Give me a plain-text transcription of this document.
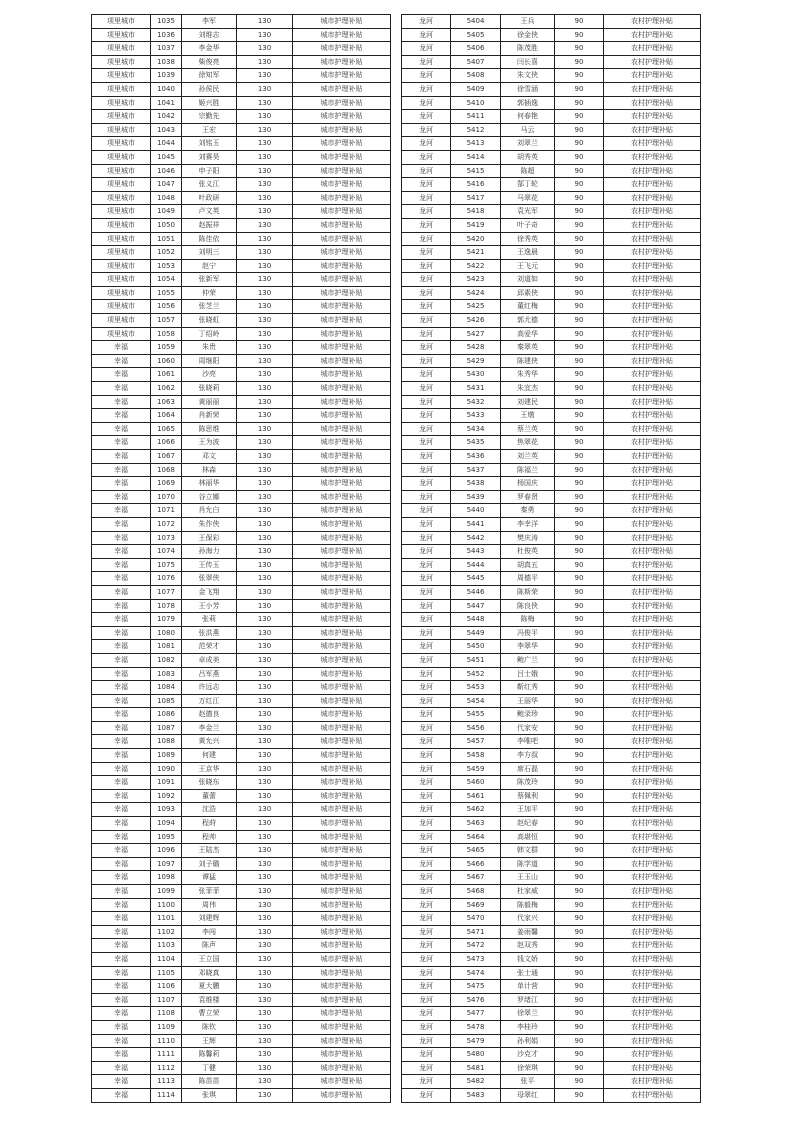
项里城市	1035	李军	130	城市护理补贴
项里城市	1036	刘维志	130	城市护理补贴
项里城市	1037	李金华	130	城市护理补贴
项里城市	1038	柴俊亮	130	城市护理补贴
项里城市	1039	徐知军	130	城市护理补贴
项里城市	1040	孙侯民	130	城市护理补贴
项里城市	1041	姬兴胜	130	城市护理补贴
项里城市	1042	宗勤先	130	城市护理补贴
项里城市	1043	王宏	130	城市护理补贴
项里城市	1044	刘铭玉	130	城市护理补贴
项里城市	1045	刘赛昊	130	城市护理补贴
项里城市	1046	申子阳	130	城市护理补贴
项里城市	1047	张义江	130	城市护理补贴
项里城市	1048	叶政研	130	城市护理补贴
项里城市	1049	卢文英	130	城市护理补贴
项里城市	1050	赵振祥	130	城市护理补贴
项里城市	1051	陈佳依	130	城市护理补贴
项里城市	1052	刘明三	130	城市护理补贴
项里城市	1053	赵宁	130	城市护理补贴
项里城市	1054	张新军	130	城市护理补贴
项里城市	1055	仲荣	130	城市护理补贴
项里城市	1056	张芝兰	130	城市护理补贴
项里城市	1057	张晓虹	130	城市护理补贴
项里城市	1058	丁绍岭	130	城市护理补贴
幸福	1059	朱贵	130	城市护理补贴
幸福	1060	周继阳	130	城市护理补贴
幸福	1061	沙亮	130	城市护理补贴
幸福	1062	张晓莉	130	城市护理补贴
幸福	1063	黄丽丽	130	城市护理补贴
幸福	1064	肖新荣	130	城市护理补贴
幸福	1065	陈思维	130	城市护理补贴
幸福	1066	王为波	130	城市护理补贴
幸福	1067	邓文	130	城市护理补贴
幸福	1068	林森	130	城市护理补贴
幸福	1069	林丽华	130	城市护理补贴
幸福	1070	谷立娜	130	城市护理补贴
幸福	1071	肖允白	130	城市护理补贴
幸福	1072	朱作侠	130	城市护理补贴
幸福	1073	王保彩	130	城市护理补贴
幸福	1074	孙海力	130	城市护理补贴
幸福	1075	王传玉	130	城市护理补贴
幸福	1076	张翠侠	130	城市护理补贴
幸福	1077	金飞翔	130	城市护理补贴
幸福	1078	王小芳	130	城市护理补贴
幸福	1079	张莉	130	城市护理补贴
幸福	1080	张洪燕	130	城市护理补贴
幸福	1081	范荣才	130	城市护理补贴
幸福	1082	卓成美	130	城市护理补贴
幸福	1083	吕军燕	130	城市护理补贴
幸福	1084	许远志	130	城市护理补贴
幸福	1085	万红江	130	城市护理补贴
幸福	1086	赵德良	130	城市护理补贴
幸福	1087	李金兰	130	城市护理补贴
幸福	1088	黄允兴	130	城市护理补贴
幸福	1089	何建	130	城市护理补贴
幸福	1090	王京华	130	城市护理补贴
幸福	1091	张晓东	130	城市护理补贴
幸福	1092	董蕾	130	城市护理补贴
幸福	1093	沈浩	130	城市护理补贴
幸福	1094	程莳	130	城市护理补贴
幸福	1095	程帅	130	城市护理补贴
幸福	1096	王陆杰	130	城市护理补贴
幸福	1097	刘子璐	130	城市护理补贴
幸福	1098	谭猛	130	城市护理补贴
幸福	1099	张菲菲	130	城市护理补贴
幸福	1100	周伟	130	城市护理补贴
幸福	1101	刘建辉	130	城市护理补贴
幸福	1102	李闯	130	城市护理补贴
幸福	1103	陈声	130	城市护理补贴
幸福	1104	王立国	130	城市护理补贴
幸福	1105	邓晓真	130	城市护理补贴
幸福	1106	夏大鹏	130	城市护理补贴
幸福	1107	袁维楼	130	城市护理补贴
幸福	1108	曹立荣	130	城市护理补贴
幸福	1109	陈钦	130	城市护理补贴
幸福	1110	王辉	130	城市护理补贴
幸福	1111	陈馨莉	130	城市护理补贴
幸福	1112	丁健	130	城市护理补贴
幸福	1113	陈苗苗	130	城市护理补贴
幸福	1114	张琪	130	城市护理补贴
龙河	5404	王兵	90	农村护理补贴
龙河	5405	徐金侠	90	农村护理补贴
龙河	5406	陈茂胜	90	农村护理补贴
龙河	5407	闫长喜	90	农村护理补贴
龙河	5408	朱文侠	90	农村护理补贴
龙河	5409	徐雪涵	90	农村护理补贴
龙河	5410	郭插逸	90	农村护理补贴
龙河	5411	何春艳	90	农村护理补贴
龙河	5412	马云	90	农村护理补贴
龙河	5413	刘翠兰	90	农村护理补贴
龙河	5414	胡秀英	90	农村护理补贴
龙河	5415	陈超	90	农村护理补贴
龙河	5416	郜丁轮	90	农村护理补贴
龙河	5417	马翠花	90	农村护理补贴
龙河	5418	袁光军	90	农村护理补贴
龙河	5419	叶子奇	90	农村护理补贴
龙河	5420	徐秀英	90	农村护理补贴
龙河	5421	王逸晨	90	农村护理补贴
龙河	5422	王飞元	90	农村护理补贴
龙河	5423	刘道如	90	农村护理补贴
龙河	5424	邱素侠	90	农村护理补贴
龙河	5425	董红梅	90	农村护理补贴
龙河	5426	郭尤德	90	农村护理补贴
龙河	5427	高爱华	90	农村护理补贴
龙河	5428	秦翠英	90	农村护理补贴
龙河	5429	陈建侠	90	农村护理补贴
龙河	5430	朱秀华	90	农村护理补贴
龙河	5431	朱宜杰	90	农村护理补贴
龙河	5432	刘建民	90	农村护理补贴
龙河	5433	王墩	90	农村护理补贴
龙河	5434	蔡兰英	90	农村护理补贴
龙河	5435	焦翠花	90	农村护理补贴
龙河	5436	刘兰英	90	农村护理补贴
龙河	5437	陈福兰	90	农村护理补贴
龙河	5438	杨国庆	90	农村护理补贴
龙河	5439	罗春贤	90	农村护理补贴
龙河	5440	秦勇	90	农村护理补贴
龙河	5441	李幸洋	90	农村护理补贴
龙河	5442	樊庆涛	90	农村护理补贴
龙河	5443	杜俊英	90	农村护理补贴
龙河	5444	胡真五	90	农村护理补贴
龙河	5445	周德平	90	农村护理补贴
龙河	5446	陈斯荣	90	农村护理补贴
龙河	5447	陈良侠	90	农村护理补贴
龙河	5448	陈梅	90	农村护理补贴
龙河	5449	冯俊平	90	农村护理补贴
龙河	5450	李翠华	90	农村护理补贴
龙河	5451	鲍广兰	90	农村护理补贴
龙河	5452	吕士娥	90	农村护理补贴
龙河	5453	靳红秀	90	农村护理补贴
龙河	5454	王丽华	90	农村护理补贴
龙河	5455	鲍录珍	90	农村护理补贴
龙河	5456	代家安	90	农村护理补贴
龙河	5457	李唯吧	90	农村护理补贴
龙河	5458	李方叔	90	农村护理补贴
龙河	5459	席石磊	90	农村护理补贴
龙河	5460	陈茂玲	90	农村护理补贴
龙河	5461	蔡佩利	90	农村护理补贴
龙河	5462	王加平	90	农村护理补贴
龙河	5463	赵纪春	90	农村护理补贴
龙河	5464	高堪恒	90	农村护理补贴
龙河	5465	韩文群	90	农村护理补贴
龙河	5466	陈学道	90	农村护理补贴
龙河	5467	王玉山	90	农村护理补贴
龙河	5468	杜家威	90	农村护理补贴
龙河	5469	陈毅梅	90	农村护理补贴
龙河	5470	代家兴	90	农村护理补贴
龙河	5471	姜雨馨	90	农村护理补贴
龙河	5472	赵双秀	90	农村护理补贴
龙河	5473	钱文娇	90	农村护理补贴
龙河	5474	张士通	90	农村护理补贴
龙河	5475	单计营	90	农村护理补贴
龙河	5476	罗绪江	90	农村护理补贴
龙河	5477	徐翠兰	90	农村护理补贴
龙河	5478	李桂玲	90	农村护理补贴
龙河	5479	孙利娟	90	农村护理补贴
龙河	5480	沙克才	90	农村护理补贴
龙河	5481	徐荣琪	90	农村护理补贴
龙河	5482	张平	90	农村护理补贴
龙河	5483	母翠红	90	农村护理补贴
